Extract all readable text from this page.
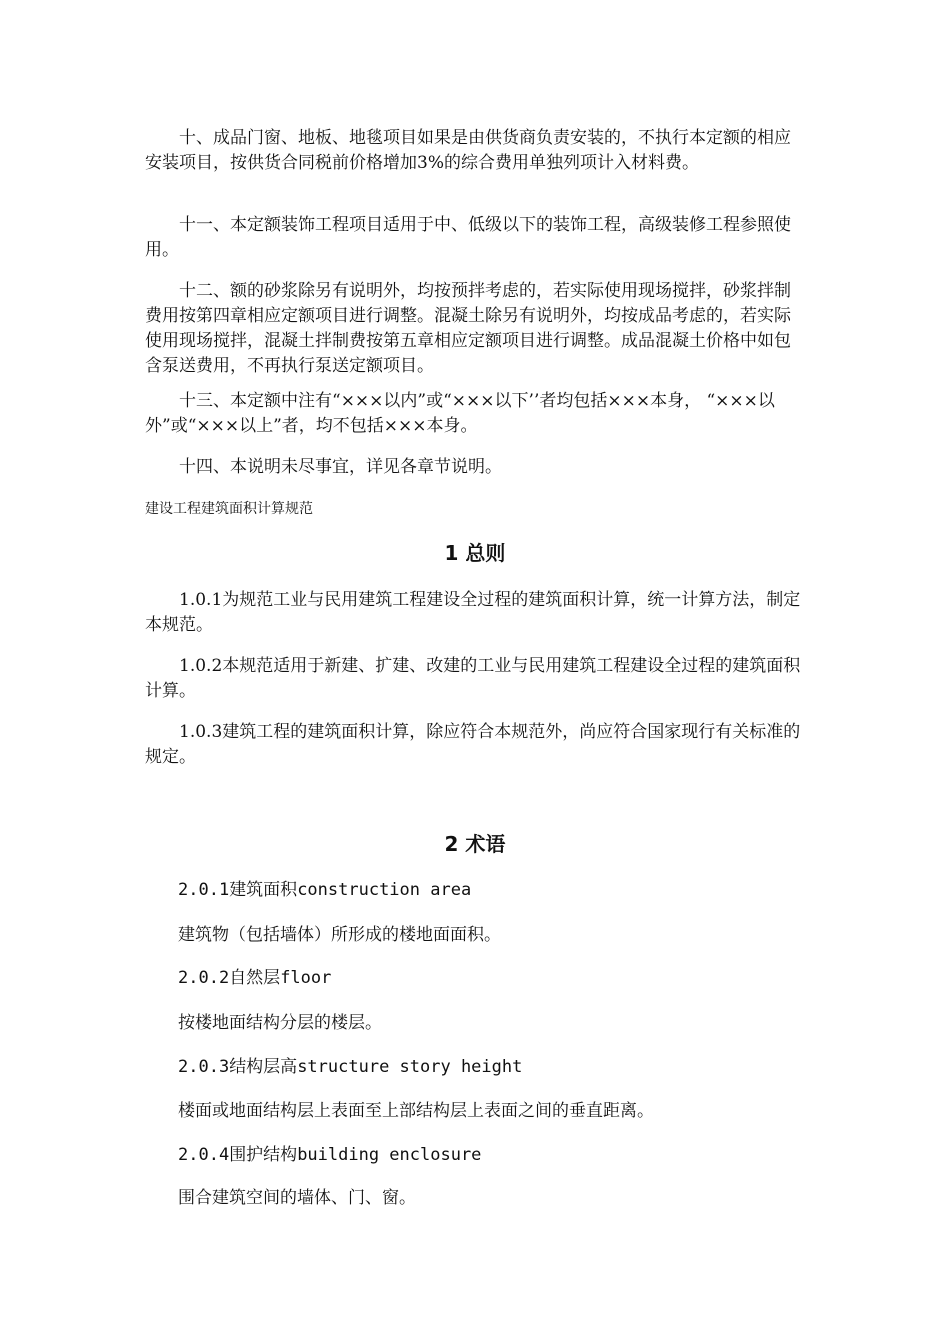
十、成品门窗、地板、地毯项目如果是由供货商负责安装的，不执行本定额的相应安装项目，按供货合同税前价格增加3%的综合费用单独列项计入材料费。

十一、本定额装饰工程项目适用于中、低级以下的装饰工程，高级装修工程参照使用。

十二、额的砂浆除另有说明外，均按预拌考虑的，若实际使用现场搅拌，砂浆拌制费用按第四章相应定额项目进行调整。混凝土除另有说明外，均按成品考虑的，若实际使用现场搅拌，混凝土拌制费按第五章相应定额项目进行调整。成品混凝土价格中如包含泵送费用，不再执行泵送定额项目。

十三、本定额中注有“×××以内”或“×××以下’’者均包括×××本身， “×××以外”或“×××以上”者，均不包括×××本身。

十四、本说明未尽事宜，详见各章节说明。

建设工程建筑面积计算规范

1 总则

1.0.1为规范工业与民用建筑工程建设全过程的建筑面积计算，统一计算方法，制定本规范。

1.0.2本规范适用于新建、扩建、改建的工业与民用建筑工程建设全过程的建筑面积计算。

1.0.3建筑工程的建筑面积计算，除应符合本规范外，尚应符合国家现行有关标准的规定。

2 术语

2.0.1建筑面积construction area

建筑物（包括墙体）所形成的楼地面面积。

2.0.2自然层floor

按楼地面结构分层的楼层。

2.0.3结构层高structure story height

楼面或地面结构层上表面至上部结构层上表面之间的垂直距离。

2.0.4围护结构building enclosure

围合建筑空间的墙体、门、窗。
